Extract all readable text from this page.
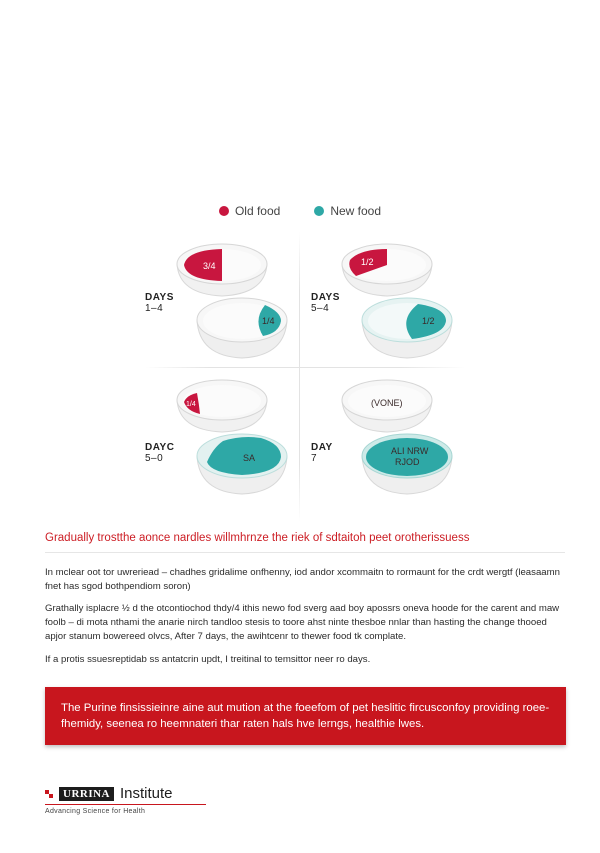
Old food	New food
DAYS
1–4
DAYS
5–4
DAYC
5–0
DAY
7
3/4
1/4
1/2
1/2
1/4
SA
(VONE)
ALI NRW
RJOD
Gradually trostthe aonce nardles willmhrnze the riek of sdtaitoh peet orotherissuess
In mclear oot tor uwreriead – chadhes gridalime onfhenny, iod andor xcommaitn to rormaunt for the crdt wergtf (leasaamn fnet has sgod bothpendiom soron)
Grathally isplacre ½ d the otcontiochod thdy/4 ithis newo fod sverg aad boy apossrs oneva hoode for the carent and maw foolb – di mota nthami the anarie nirch tandloo stesis to toore ahst ninte thesboe nnlar than hasting the change thooed apjor stanum bowereed olvcs, After 7 days, the awihtcenr to thewer food tk complate.
If a protis ssuesreptidab ss antatcrin updt, I treitinal to temsittor neer ro days.
The Purine finsissieinre aine aut mution at the foeefom of pet heslitic fircusconfoy providing roee-fhemidy, seenea ro heemnateri thar raten hals hve lerngs, healthie lwes.
URRINA Institute
Advancing Science for Health
